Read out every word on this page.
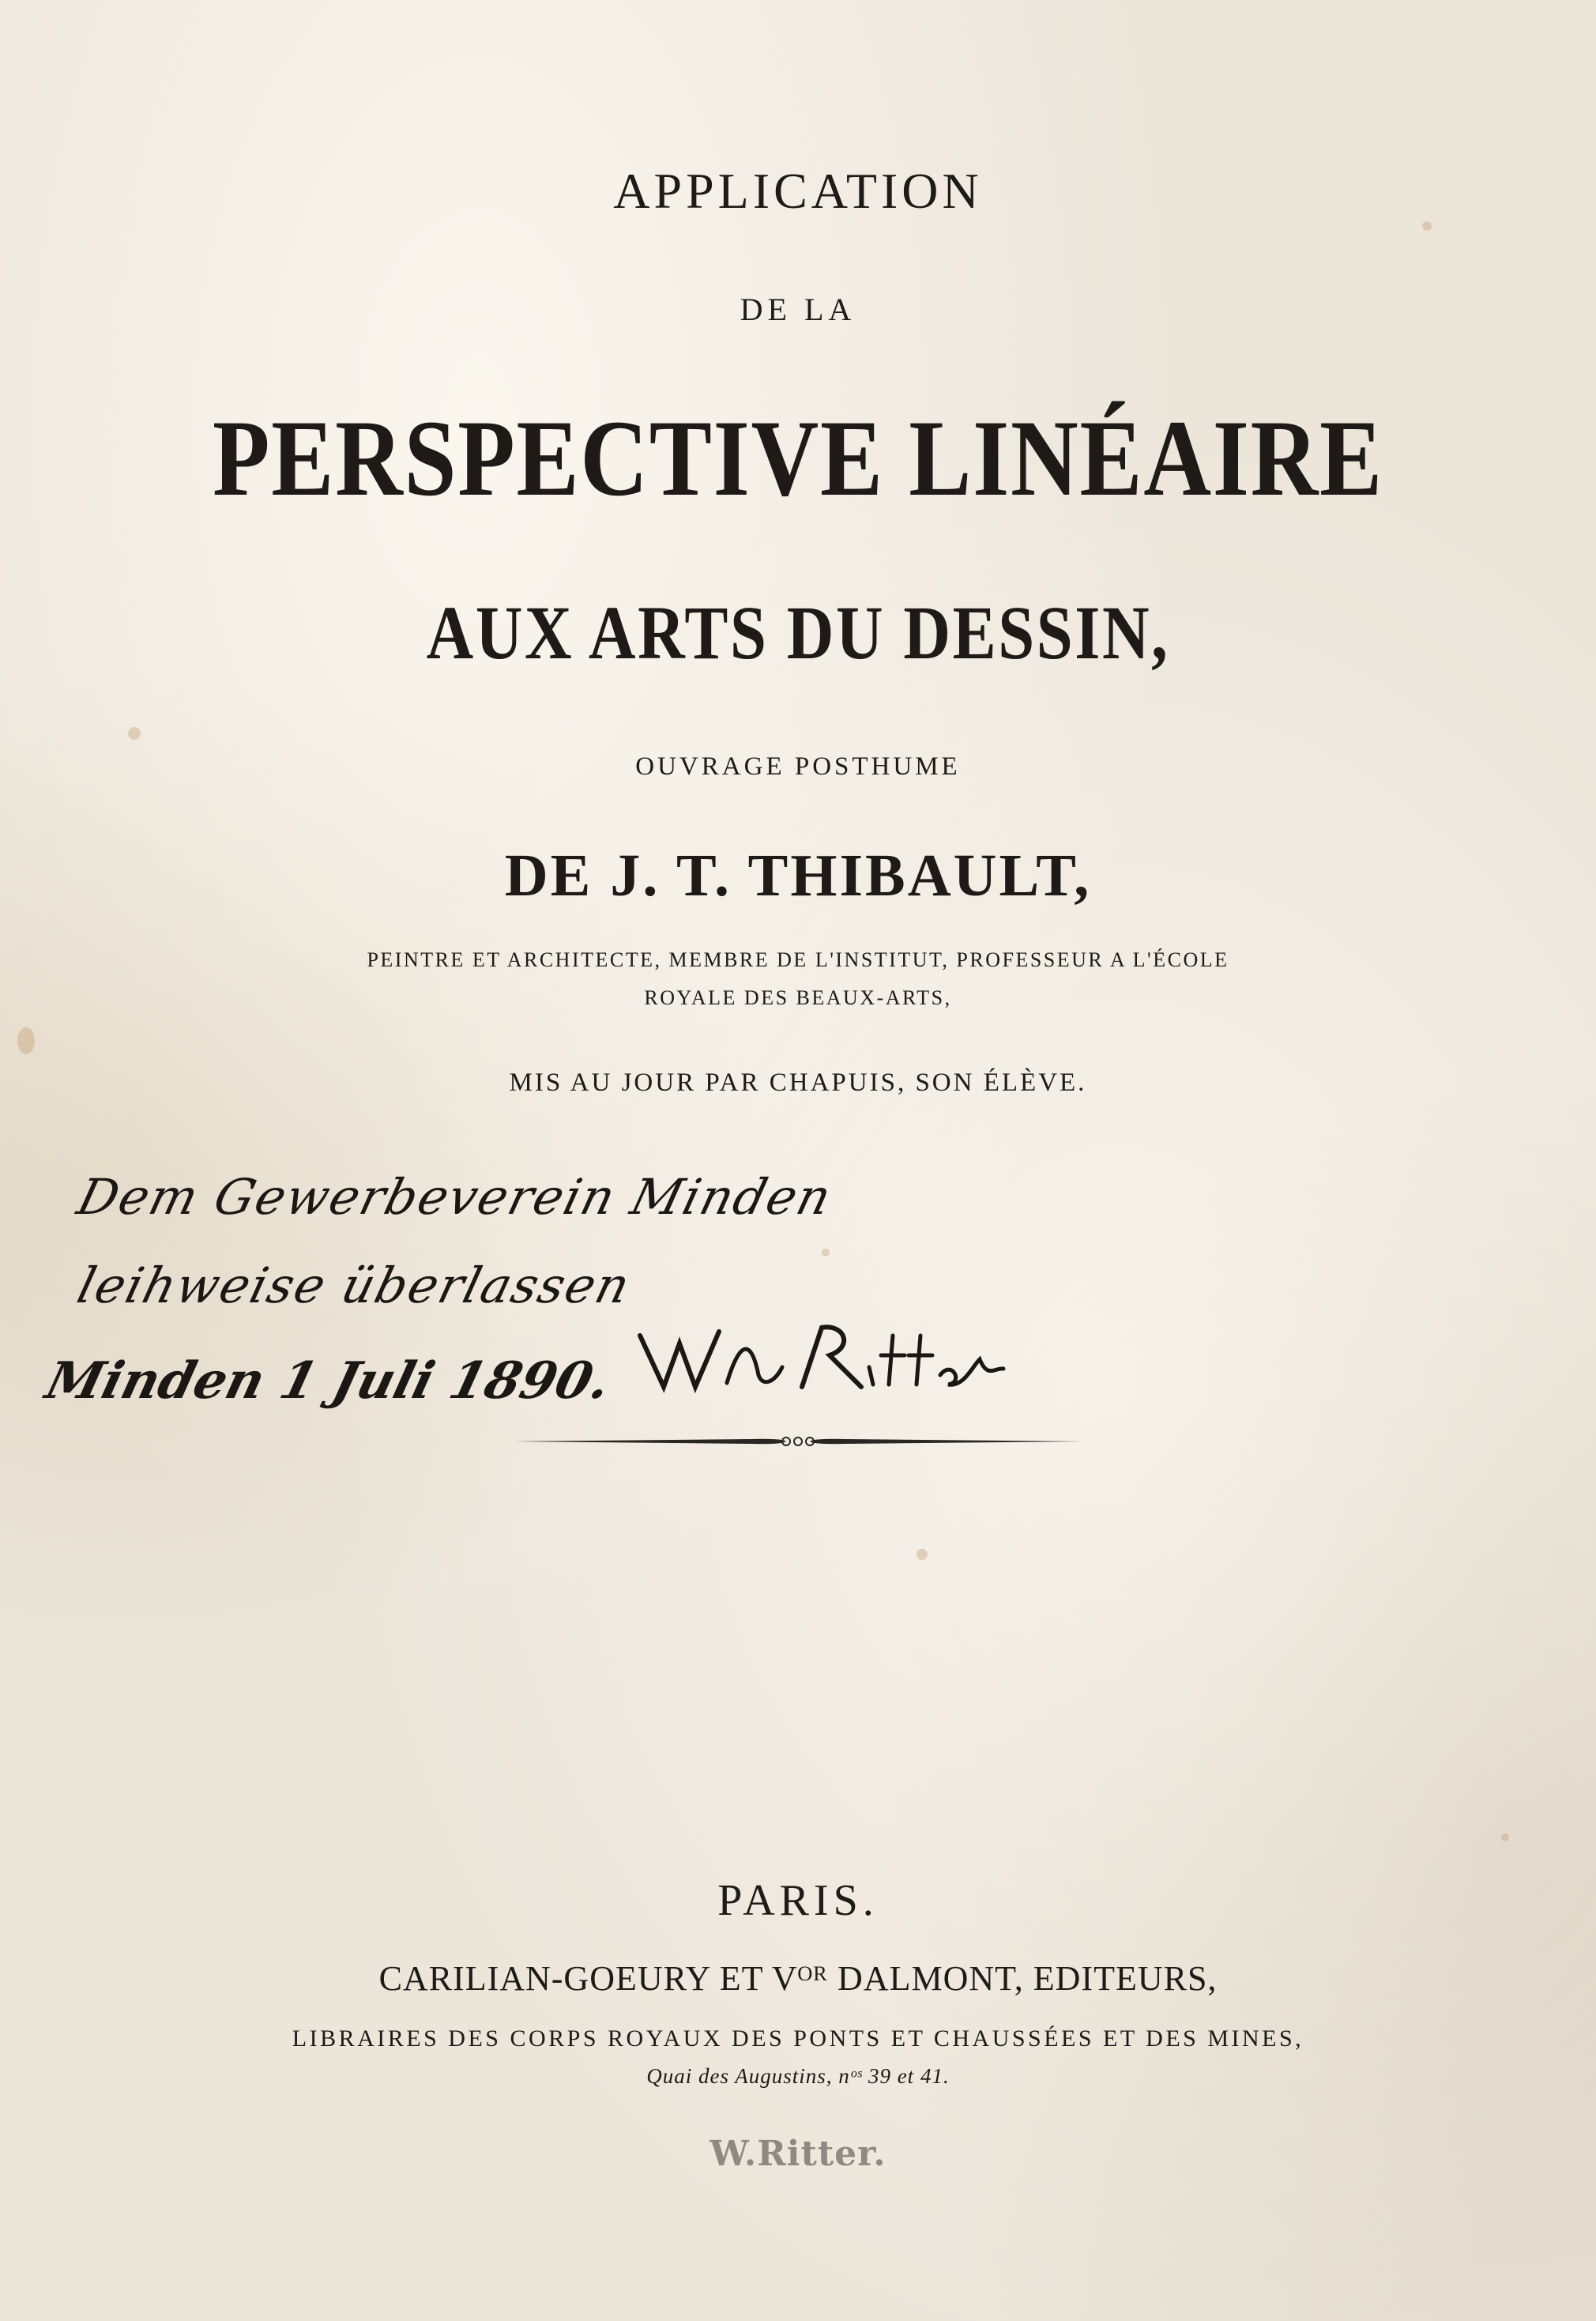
APPLICATION
DE LA
PERSPECTIVE LINÉAIRE
AUX ARTS DU DESSIN,
OUVRAGE POSTHUME
DE J. T. THIBAULT,
PEINTRE ET ARCHITECTE, MEMBRE DE L'INSTITUT, PROFESSEUR A L'ÉCOLE
ROYALE DES BEAUX-ARTS,
MIS AU JOUR PAR CHAPUIS, SON ÉLÈVE.
Dem Gewerbeverein Minden
leihweise überlassen
Minden 1 Juli 1890.
PARIS.
CARILIAN-GOEURY ET Vᴼᴿ DALMONT, EDITEURS,
LIBRAIRES DES CORPS ROYAUX DES PONTS ET CHAUSSÉES ET DES MINES,
Quai des Augustins, nᵒˢ 39 et 41.
W.Ritter.
